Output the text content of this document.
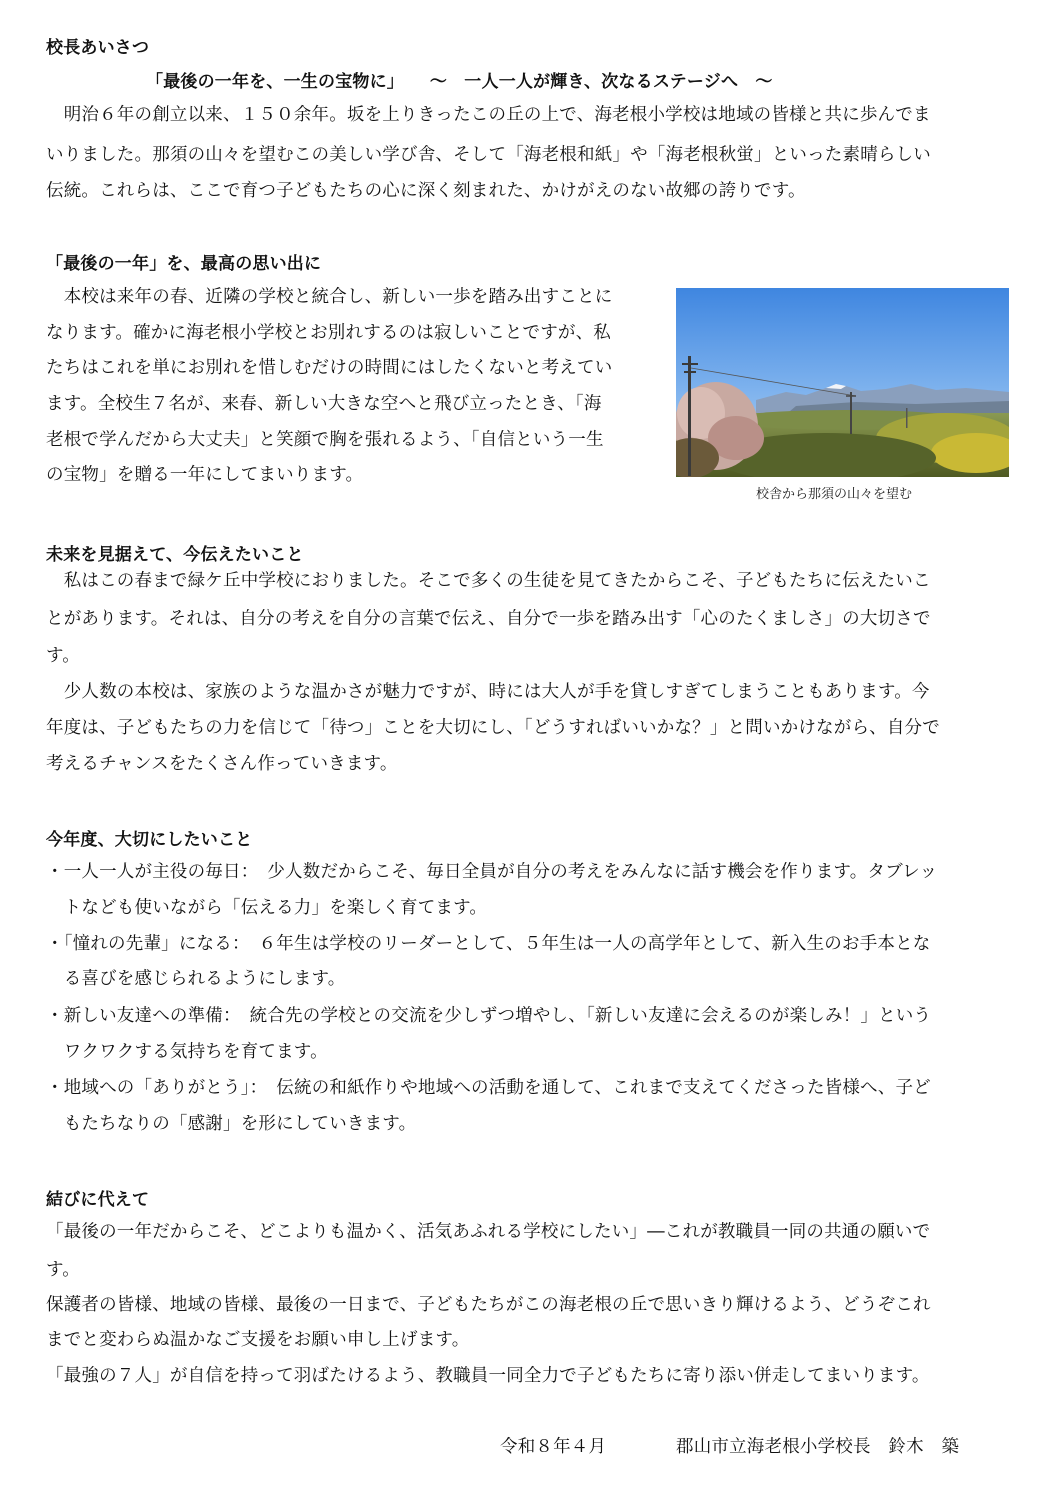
校長あいさつ
「最後の一年を、一生の宝物に」　　～　一人一人が輝き、次なるステージへ　～
　明治６年の創立以来、１５０余年。坂を上りきったこの丘の上で、海老根小学校は地域の皆様と共に歩んでま
いりました。那須の山々を望むこの美しい学び舎、そして「海老根和紙」や「海老根秋蛍」といった素晴らしい
伝統。これらは、ここで育つ子どもたちの心に深く刻まれた、かけがえのない故郷の誇りです。
「最後の一年」を、最高の思い出に
　本校は来年の春、近隣の学校と統合し、新しい一歩を踏み出すことに
なります。確かに海老根小学校とお別れするのは寂しいことですが、私
たちはこれを単にお別れを惜しむだけの時間にはしたくないと考えてい
ます。全校生７名が、来春、新しい大きな空へと飛び立ったとき、「海
老根で学んだから大丈夫」と笑顔で胸を張れるよう、「自信という一生
の宝物」を贈る一年にしてまいります。
校舎から那須の山々を望む
未来を見据えて、今伝えたいこと
　私はこの春まで緑ケ丘中学校におりました。そこで多くの生徒を見てきたからこそ、子どもたちに伝えたいこ
とがあります。それは、自分の考えを自分の言葉で伝え、自分で一歩を踏み出す「心のたくましさ」の大切さで
す。
　少人数の本校は、家族のような温かさが魅力ですが、時には大人が手を貸しすぎてしまうこともあります。今
年度は、子どもたちの力を信じて「待つ」ことを大切にし、「どうすればいいかな？」と問いかけながら、自分で
考えるチャンスをたくさん作っていきます。
今年度、大切にしたいこと
・一人一人が主役の毎日：　少人数だからこそ、毎日全員が自分の考えをみんなに話す機会を作ります。タブレッ
　トなども使いながら「伝える力」を楽しく育てます。
・「憧れの先輩」になる：　６年生は学校のリーダーとして、５年生は一人の高学年として、新入生のお手本とな
　る喜びを感じられるようにします。
・新しい友達への準備：　統合先の学校との交流を少しずつ増やし、「新しい友達に会えるのが楽しみ！」という
　ワクワクする気持ちを育てます。
・地域への「ありがとう」：　伝統の和紙作りや地域への活動を通して、これまで支えてくださった皆様へ、子ど
　もたちなりの「感謝」を形にしていきます。
結びに代えて
「最後の一年だからこそ、どこよりも温かく、活気あふれる学校にしたい」―これが教職員一同の共通の願いで
す。
保護者の皆様、地域の皆様、最後の一日まで、子どもたちがこの海老根の丘で思いきり輝けるよう、どうぞこれ
までと変わらぬ温かなご支援をお願い申し上げます。
「最強の７人」が自信を持って羽ばたけるよう、教職員一同全力で子どもたちに寄り添い併走してまいります。
令和８年４月	郡山市立海老根小学校長　鈴木　築
